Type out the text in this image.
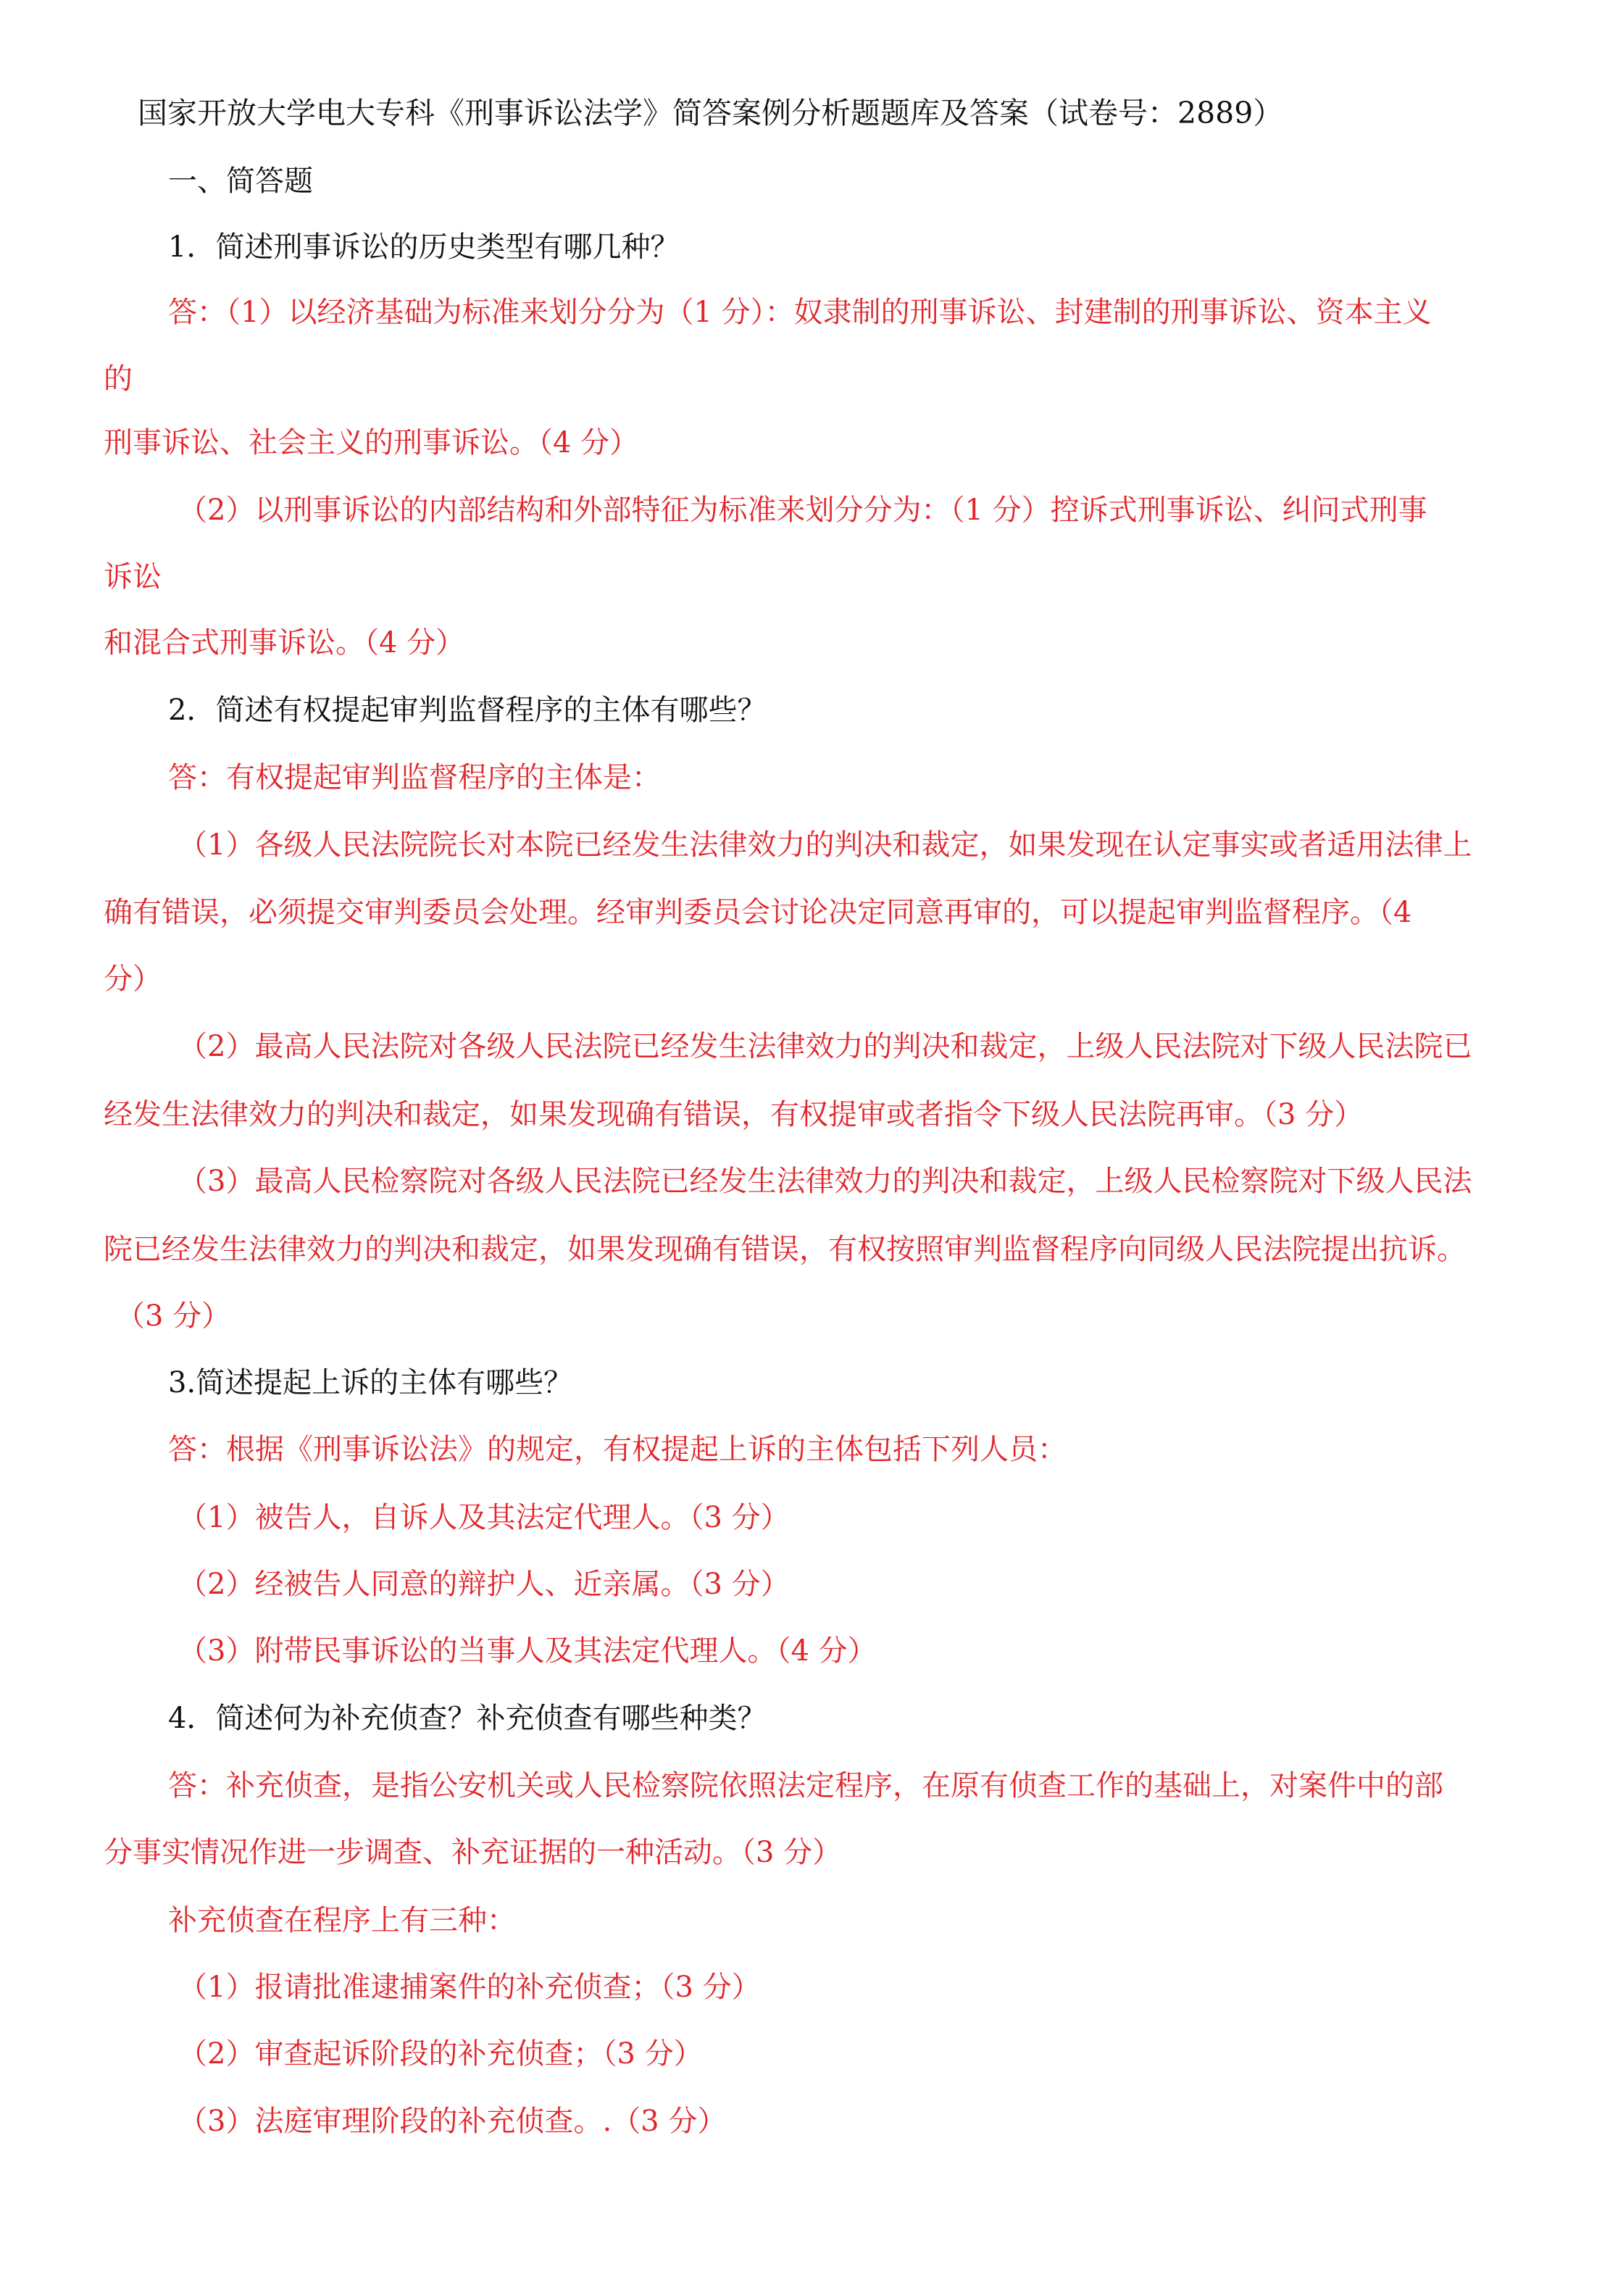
国家开放大学电大专科《刑事诉讼法学》简答案例分析题题库及答案（试卷号：2889）

一、简答题

1．简述刑事诉讼的历史类型有哪几种？

答：（1）以经济基础为标准来划分分为（1 分）：奴隶制的刑事诉讼、封建制的刑事诉讼、资本主义

的

刑事诉讼、社会主义的刑事诉讼。（4 分）

（2）以刑事诉讼的内部结构和外部特征为标准来划分分为：（1 分）控诉式刑事诉讼、纠问式刑事

诉讼

和混合式刑事诉讼。（4 分）

2．简述有权提起审判监督程序的主体有哪些？

答：有权提起审判监督程序的主体是：

（1）各级人民法院院长对本院已经发生法律效力的判决和裁定，如果发现在认定事实或者适用法律上

确有错误，必须提交审判委员会处理。经审判委员会讨论决定同意再审的，可以提起审判监督程序。（4

分）

（2）最高人民法院对各级人民法院已经发生法律效力的判决和裁定，上级人民法院对下级人民法院已

经发生法律效力的判决和裁定，如果发现确有错误，有权提审或者指令下级人民法院再审。（3 分）

（3）最高人民检察院对各级人民法院已经发生法律效力的判决和裁定，上级人民检察院对下级人民法

院已经发生法律效力的判决和裁定，如果发现确有错误，有权按照审判监督程序向同级人民法院提出抗诉。

（3 分）

3.简述提起上诉的主体有哪些？

答：根据《刑事诉讼法》的规定，有权提起上诉的主体包括下列人员：

（1）被告人，自诉人及其法定代理人。（3 分）

（2）经被告人同意的辩护人、近亲属。（3 分）

（3）附带民事诉讼的当事人及其法定代理人。（4 分）

4．简述何为补充侦查？补充侦查有哪些种类？

答：补充侦查，是指公安机关或人民检察院依照法定程序，在原有侦查工作的基础上，对案件中的部

分事实情况作进一步调查、补充证据的一种活动。（3 分）

补充侦查在程序上有三种：

（1）报请批准逮捕案件的补充侦查；（3 分）

（2）审查起诉阶段的补充侦查；（3 分）

（3）法庭审理阶段的补充侦查。.（3 分）
